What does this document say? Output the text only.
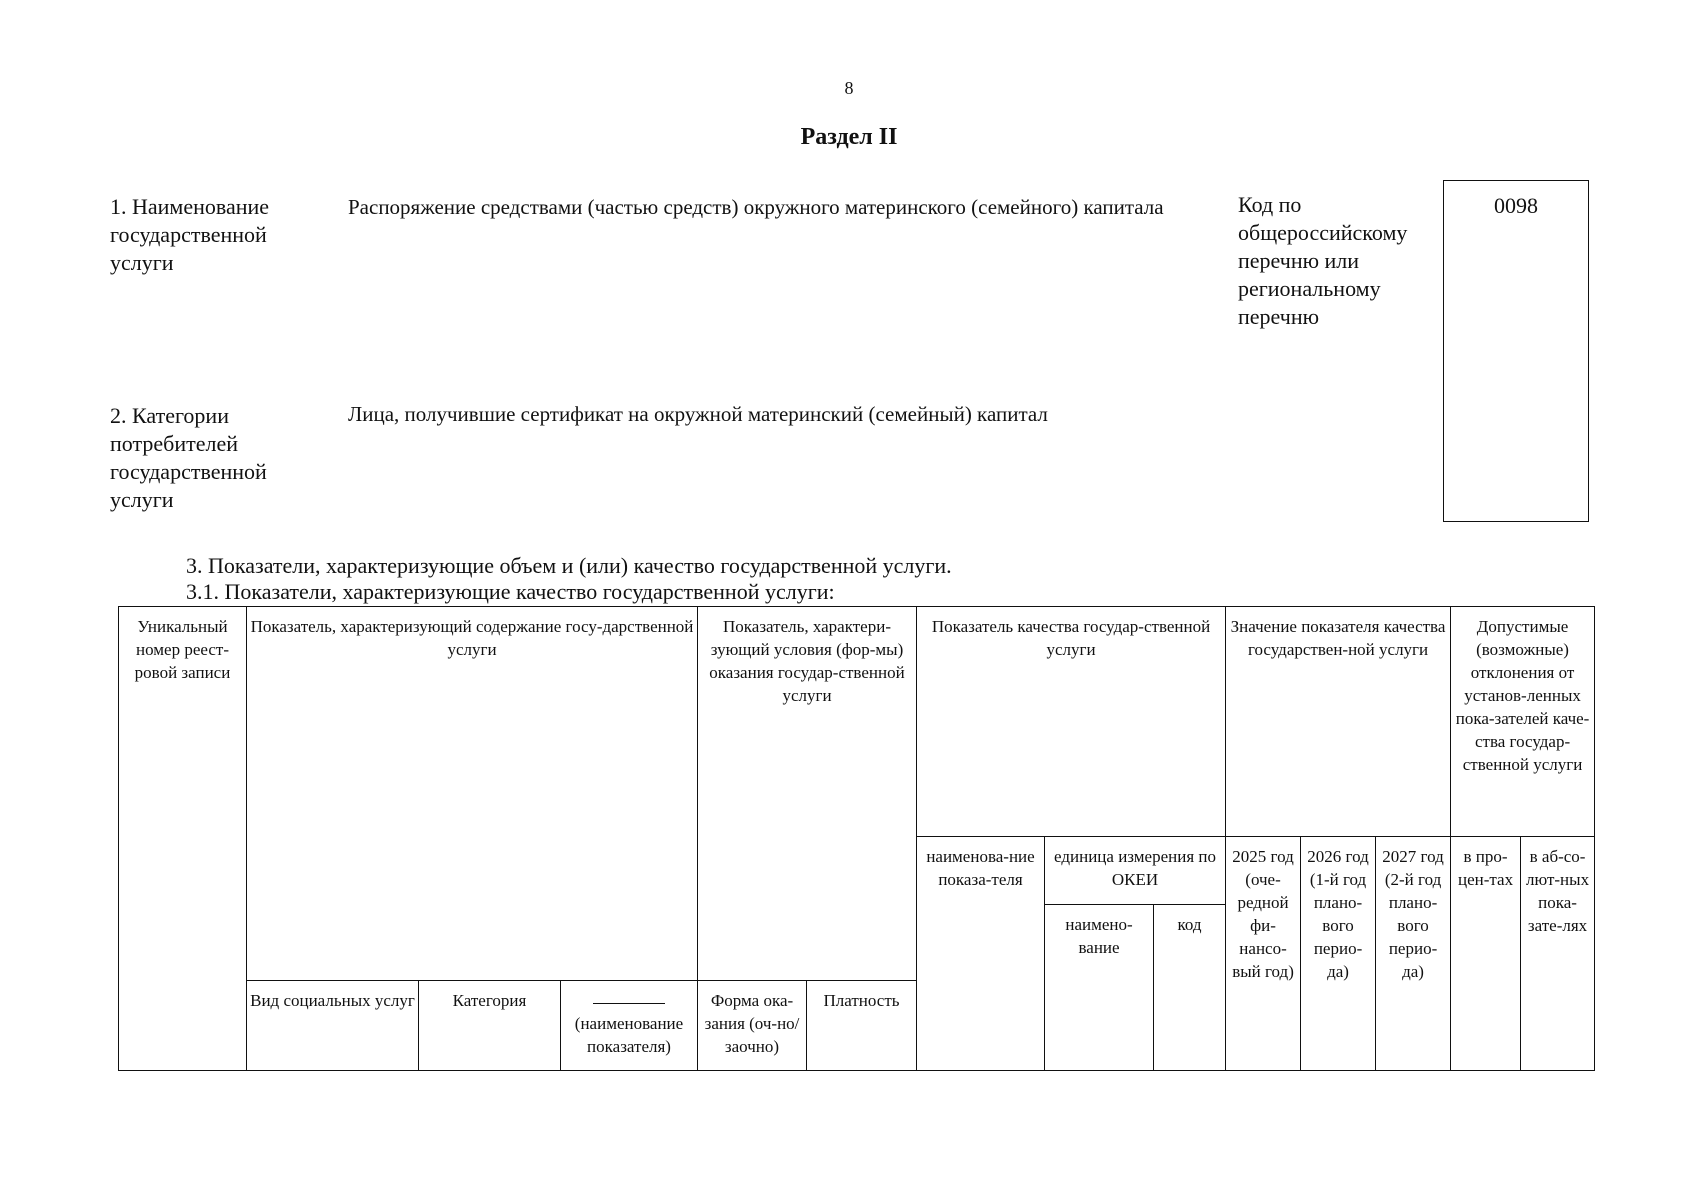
8
Раздел II
1. Наименование государственной услуги
Распоряжение средствами (частью средств) окружного материнского (семейного) капитала	Код по общероссийскому перечню или региональному перечню
0098
2. Категории потребителей государственной услуги
Лица, получившие сертификат на окружной материнский (семейный) капитал
3. Показатели, характеризующие объем и (или) качество государственной услуги.
3.1. Показатели, характеризующие качество государственной услуги:
Уникальный номер реест-ровой записи	Показатель, характеризующий содержание госу-дарственной услуги			Показатель, характери-зующий условия (фор-мы) оказания государ-ственной услуги		Показатель качества государ-ственной услуги			Значение показателя качества государствен-ной услуги			Допустимые (возможные) отклонения от установ-ленных пока-зателей каче-ства государ-ственной услуги	
						наименова-ние показа-теля	единица измерения по ОКЕИ		2025 год (оче-редной фи-нансо-вый год)	2026 год (1-й год плано-вого перио-да)	2027 год (2-й год плано-вого перио-да)	в про-цен-тах	в аб-со-лют-ных пока-зате-лях
							наимено-вание	код					
	Вид социальных услуг	Категория	(наименование показателя)	Форма ока-зания (оч-но/заочно)	Платность								
